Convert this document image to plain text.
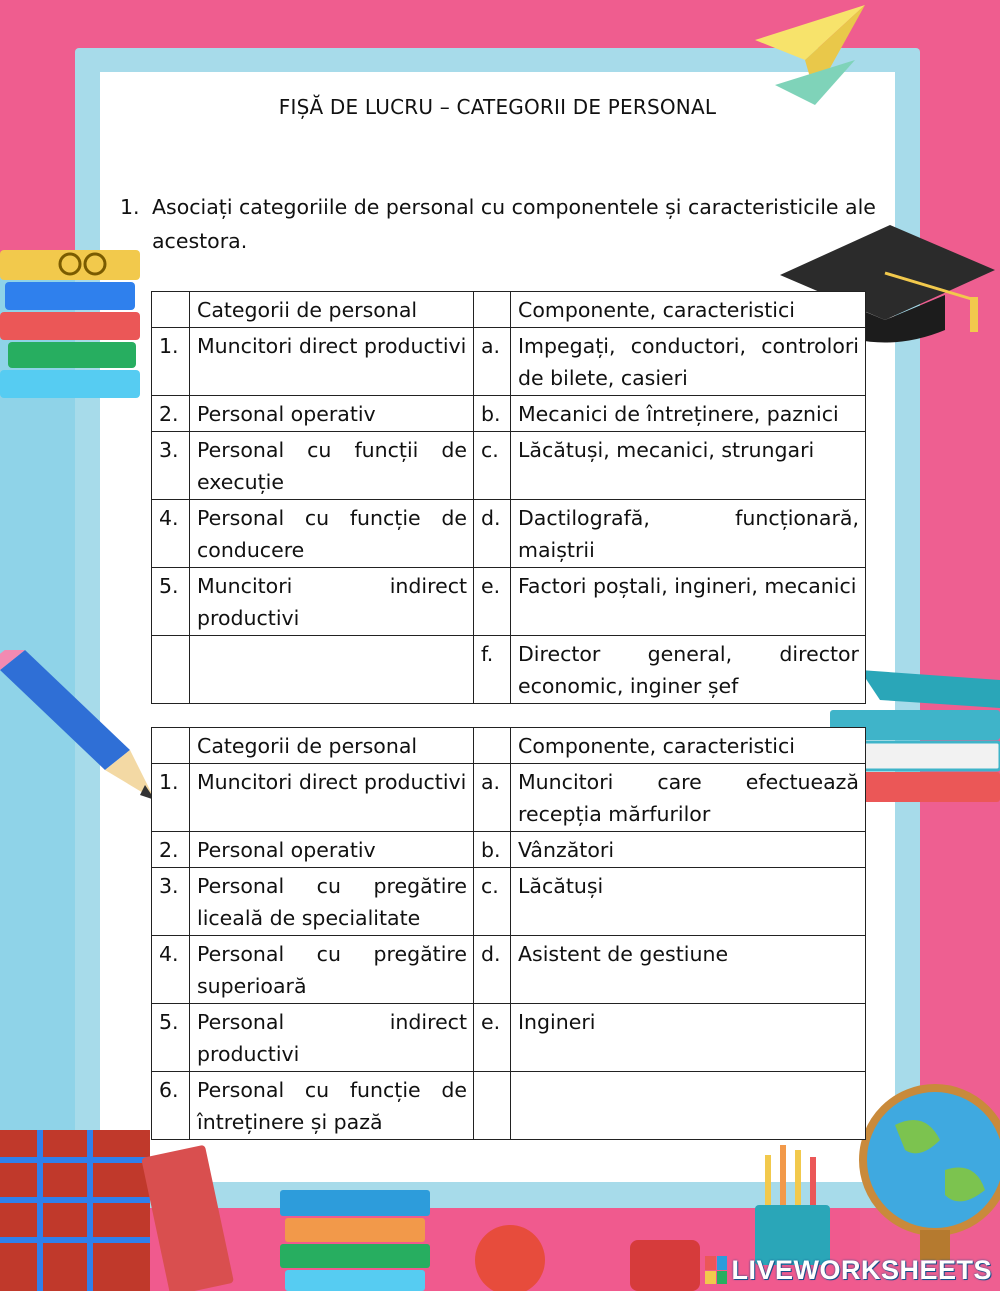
FIȘĂ DE LUCRU – CATEGORII DE PERSONAL
1. Asociați categoriile de personal cu componentele și caracteristicile ale
acestora.
	Categorii de personal		Componente, caracteristici
1.	Muncitori direct productivi	a.	Impegați, conductori, controlori de bilete, casieri
2.	Personal operativ	b.	Mecanici de întreținere, paznici
3.	Personal cu funcții de execuție	c.	Lăcătuși, mecanici, strungari
4.	Personal cu funcție de conducere	d.	Dactilografă, funcționară, maiștrii
5.	Muncitori indirect productivi	e.	Factori poștali, ingineri, mecanici
		f.	Director general, director economic, inginer șef
	Categorii de personal		Componente, caracteristici
1.	Muncitori direct productivi	a.	Muncitori care efectuează recepția mărfurilor
2.	Personal operativ	b.	Vânzători
3.	Personal cu pregătire liceală de specialitate	c.	Lăcătuși
4.	Personal cu pregătire superioară	d.	Asistent de gestiune
5.	Personal indirect productivi	e.	Ingineri
6.	Personal cu funcție de întreținere și pază		
LIVEWORKSHEETS
